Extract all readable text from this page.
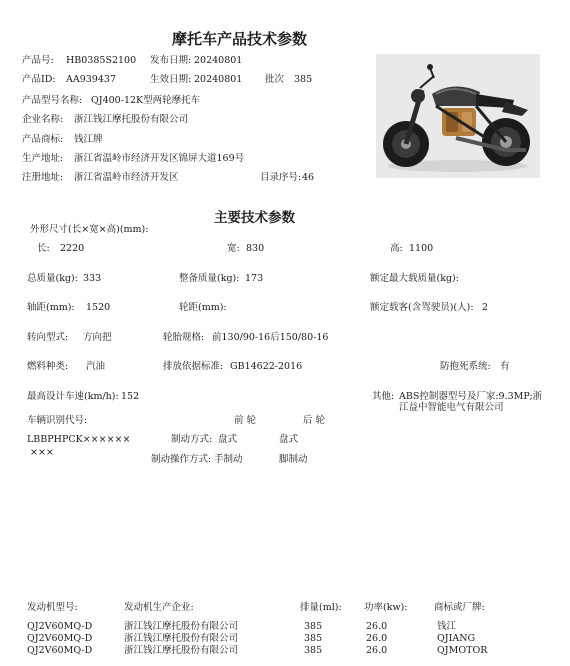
摩托车产品技术参数
产品号: HB0385S2100 发布日期: 20240801
产品ID: AA939437	生效日期: 20240801 批次 385
产品型号名称: QJ400-12K型两轮摩托车
企业名称: 浙江钱江摩托股份有限公司
产品商标: 钱江牌
生产地址: 浙江省温岭市经济开发区锦屏大道169号
注册地址: 浙江省温岭市经济开发区	目录序号: 46
主要技术参数
外形尺寸(长×宽×高)(mm):
长: 2220	宽: 830	高: 1100
总质量(kg): 333	整备质量(kg): 173	额定最大载质量(kg):
轴距(mm): 1520	轮距(mm):	额定载客(含驾驶员)(人): 2
转向型式: 方向把	轮胎规格: 前130/90-16后150/80-16
燃料种类: 汽油	排放依据标准: GB14622-2016	防抱死系统: 有
最高设计车速(km/h): 152	其他: ABS控制器型号及厂家:9.3MP;浙
江益中智能电气有限公司
车辆识别代号:	前 轮	后 轮
LBBPHPCK××××××
×××
制动方式: 盘式	盘式
制动操作方式: 手制动	脚制动
发动机型号:	发动机生产企业:	排量(ml): 功率(kw):	商标或厂牌:
QJ2V60MQ-D	浙江钱江摩托股份有限公司	385	26.0	钱江
QJ2V60MQ-D	浙江钱江摩托股份有限公司	385	26.0	QJIANG
QJ2V60MQ-D	浙江钱江摩托股份有限公司	385	26.0	QJMOTOR
